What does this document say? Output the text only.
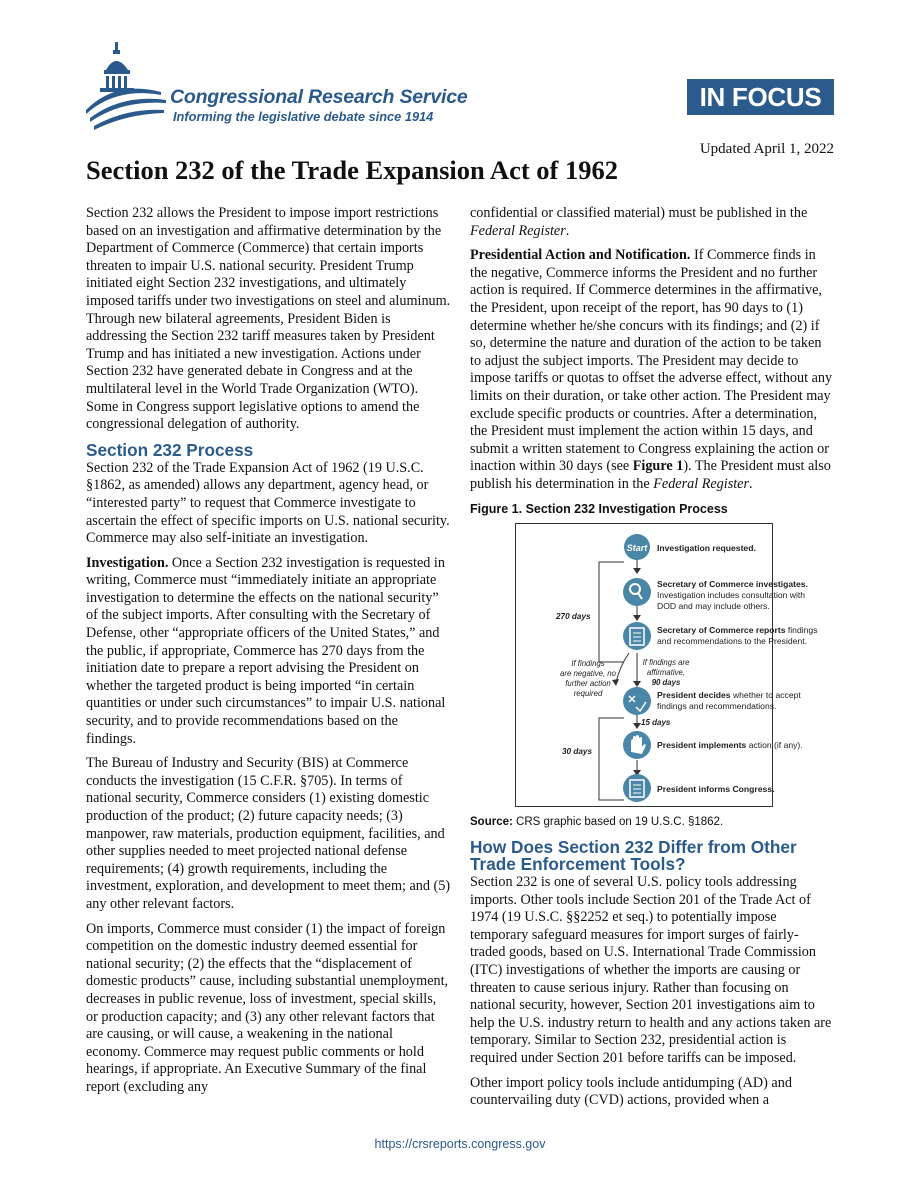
Congressional Research Service
Informing the legislative debate since 1914
IN FOCUS
Updated April 1, 2022
Section 232 of the Trade Expansion Act of 1962

Section 232 allows the President to impose import restrictions based on an investigation and affirmative determination by the Department of Commerce (Commerce) that certain imports threaten to impair U.S. national security. President Trump initiated eight Section 232 investigations, and ultimately imposed tariffs under two investigations on steel and aluminum. Through new bilateral agreements, President Biden is addressing the Section 232 tariff measures taken by President Trump and has initiated a new investigation. Actions under Section 232 have generated debate in Congress and at the multilateral level in the World Trade Organization (WTO). Some in Congress support legislative options to amend the congressional delegation of authority.

Section 232 Process

Section 232 of the Trade Expansion Act of 1962 (19 U.S.C. §1862, as amended) allows any department, agency head, or “interested party” to request that Commerce investigate to ascertain the effect of specific imports on U.S. national security. Commerce may also self-initiate an investigation.

Investigation. Once a Section 232 investigation is requested in writing, Commerce must “immediately initiate an appropriate investigation to determine the effects on the national security” of the subject imports. After consulting with the Secretary of Defense, other “appropriate officers of the United States,” and the public, if appropriate, Commerce has 270 days from the initiation date to prepare a report advising the President on whether the targeted product is being imported “in certain quantities or under such circumstances” to impair U.S. national security, and to provide recommendations based on the findings.

The Bureau of Industry and Security (BIS) at Commerce conducts the investigation (15 C.F.R. §705). In terms of national security, Commerce considers (1) existing domestic production of the product; (2) future capacity needs; (3) manpower, raw materials, production equipment, facilities, and other supplies needed to meet projected national defense requirements; (4) growth requirements, including the investment, exploration, and development to meet them; and (5) any other relevant factors.

On imports, Commerce must consider (1) the impact of foreign competition on the domestic industry deemed essential for national security; (2) the effects that the “displacement of domestic products” cause, including substantial unemployment, decreases in public revenue, loss of investment, special skills, or production capacity; and (3) any other relevant factors that are causing, or will cause, a weakening in the national economy. Commerce may request public comments or hold hearings, if appropriate. An Executive Summary of the final report (excluding any

confidential or classified material) must be published in the Federal Register.

Presidential Action and Notification. If Commerce finds in the negative, Commerce informs the President and no further action is required. If Commerce determines in the affirmative, the President, upon receipt of the report, has 90 days to (1) determine whether he/she concurs with its findings; and (2) if so, determine the nature and duration of the action to be taken to adjust the subject imports. The President may decide to impose tariffs or quotas to offset the adverse effect, without any limits on their duration, or take other action. The President may exclude specific products or countries. After a determination, the President must implement the action within 15 days, and submit a written statement to Congress explaining the action or inaction within 30 days (see Figure 1). The President must also publish his determination in the Federal Register.

Figure 1. Section 232 Investigation Process
Start Investigation requested.
Secretary of Commerce investigates.
Investigation includes consultation with
DOD and may include others.
Secretary of Commerce reports findings
and recommendations to the President.
270 days
If findings
are negative, no
further action
required
If findings are
affirmative,
90 days
President decides whether to accept
findings and recommendations.
15 days
President implements action (if any).
30 days
President informs Congress.

Source: CRS graphic based on 19 U.S.C. §1862.

How Does Section 232 Differ from Other Trade Enforcement Tools?

Section 232 is one of several U.S. policy tools addressing imports. Other tools include Section 201 of the Trade Act of 1974 (19 U.S.C. §§2252 et seq.) to potentially impose temporary safeguard measures for import surges of fairly-traded goods, based on U.S. International Trade Commission (ITC) investigations of whether the imports are causing or threaten to cause serious injury. Rather than focusing on national security, however, Section 201 investigations aim to help the U.S. industry return to health and any actions taken are temporary. Similar to Section 232, presidential action is required under Section 201 before tariffs can be imposed.

Other import policy tools include antidumping (AD) and countervailing duty (CVD) actions, provided when a

https://crsreports.congress.gov
